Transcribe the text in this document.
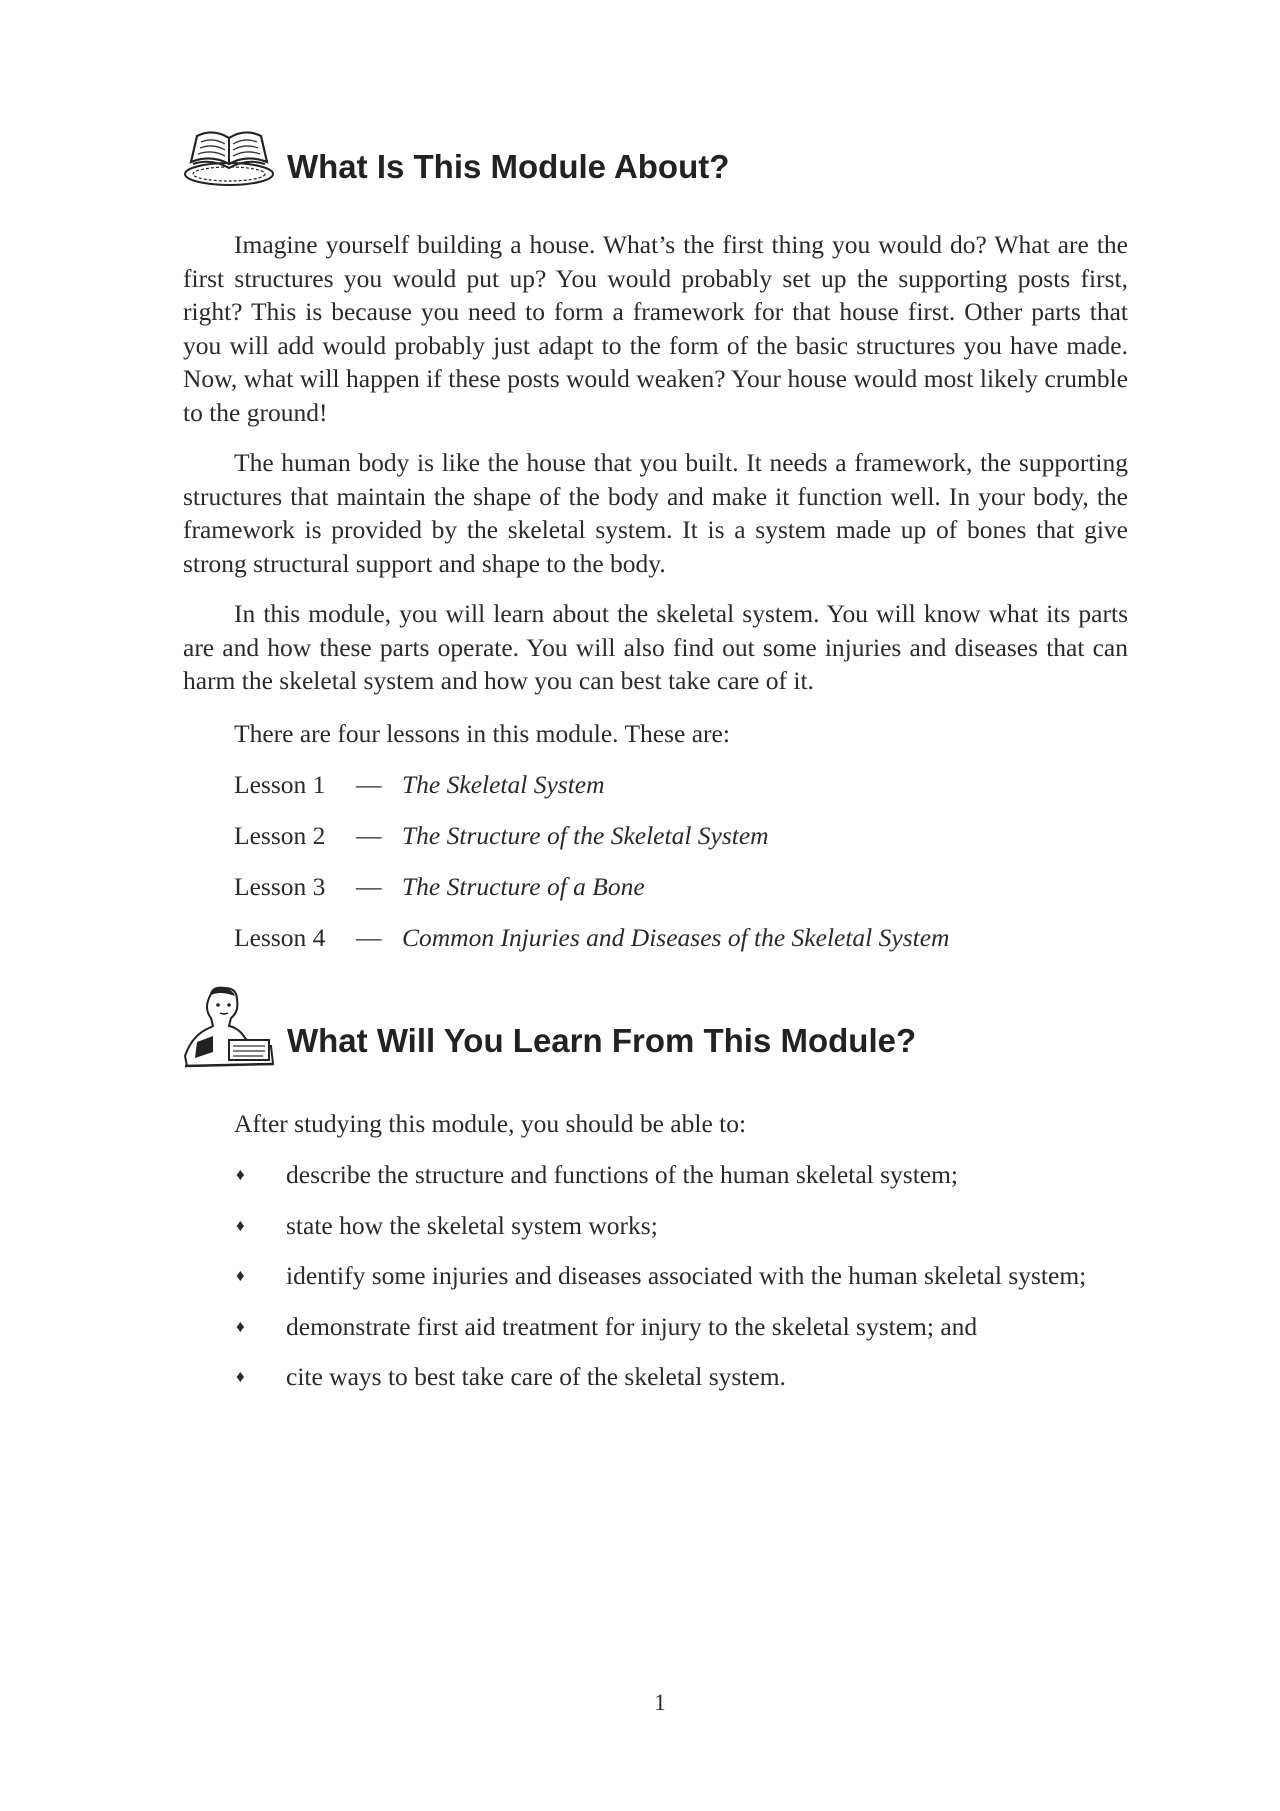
What Is This Module About?

Imagine yourself building a house. What’s the first thing you would do? What are the first structures you would put up? You would probably set up the supporting posts first, right? This is because you need to form a framework for that house first. Other parts that you will add would probably just adapt to the form of the basic structures you have made. Now, what will happen if these posts would weaken? Your house would most likely crumble to the ground!

The human body is like the house that you built. It needs a framework, the supporting structures that maintain the shape of the body and make it function well. In your body, the framework is provided by the skeletal system. It is a system made up of bones that give strong structural support and shape to the body.

In this module, you will learn about the skeletal system. You will know what its parts are and how these parts operate. You will also find out some injuries and diseases that can harm the skeletal system and how you can best take care of it.

There are four lessons in this module. These are:
Lesson 1 — The Skeletal System
Lesson 2 — The Structure of the Skeletal System
Lesson 3 — The Structure of a Bone
Lesson 4 — Common Injuries and Diseases of the Skeletal System
What Will You Learn From This Module?
After studying this module, you should be able to:
♦ describe the structure and functions of the human skeletal system;
♦ state how the skeletal system works;
♦ identify some injuries and diseases associated with the human skeletal system;
♦ demonstrate first aid treatment for injury to the skeletal system; and
♦ cite ways to best take care of the skeletal system.
1
